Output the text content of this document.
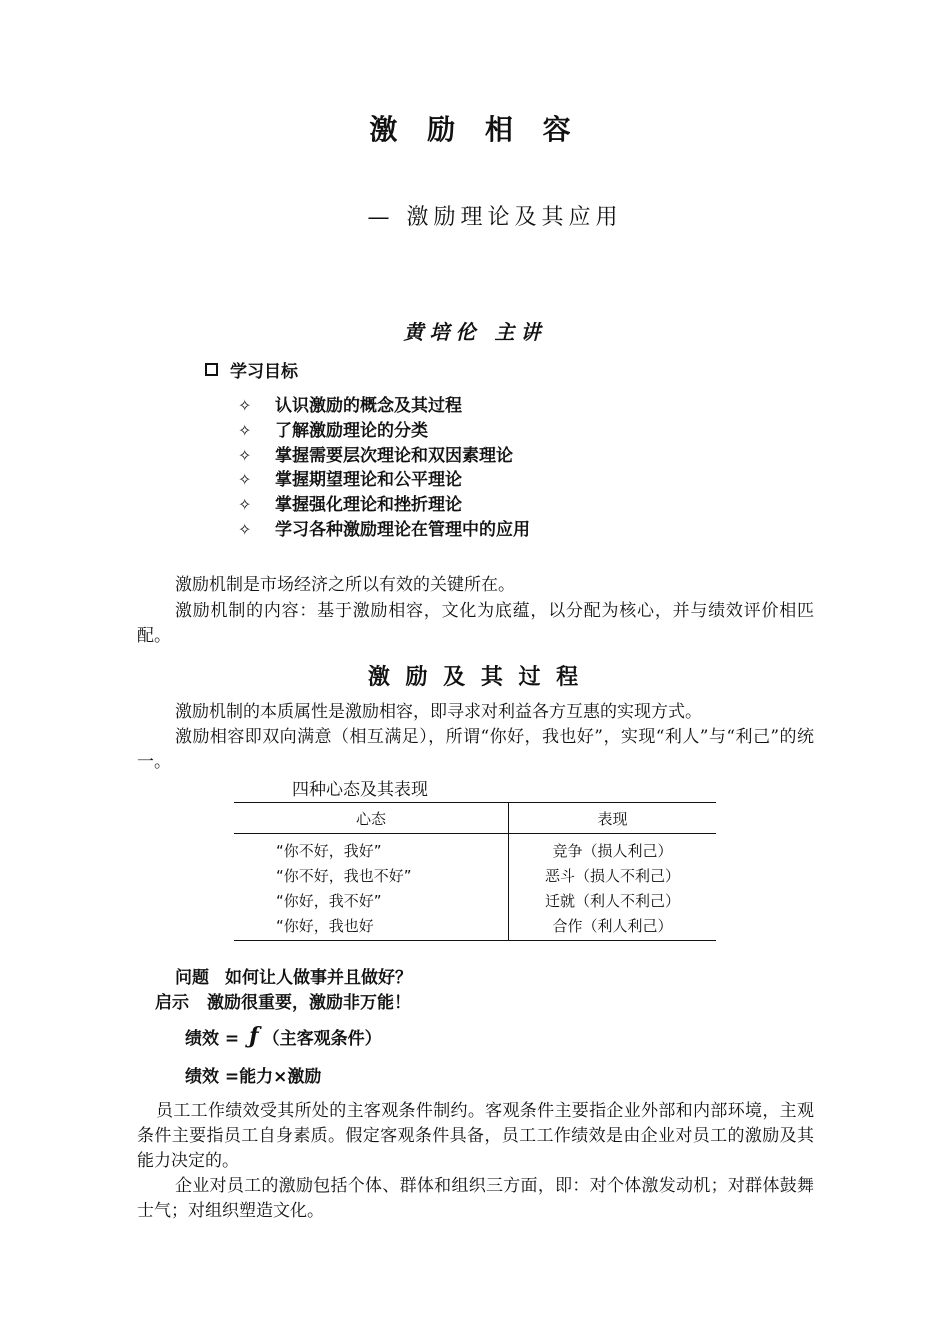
激 励 相 容
— 激励理论及其应用
黄培伦 主讲
学习目标
✧	认识激励的概念及其过程
✧	了解激励理论的分类
✧	掌握需要层次理论和双因素理论
✧	掌握期望理论和公平理论
✧	掌握强化理论和挫折理论
✧	学习各种激励理论在管理中的应用
激励机制是市场经济之所以有效的关键所在。
激励机制的内容：基于激励相容，文化为底蕴，以分配为核心，并与绩效评价相匹配。
激 励 及 其 过 程
激励机制的本质属性是激励相容，即寻求对利益各方互惠的实现方式。
激励相容即双向满意（相互满足），所谓“你好，我也好”，实现“利人”与“利己”的统一。
四种心态及其表现
心态	表现
“你不好，我好”	竞争（损人利己）
“你不好，我也不好”	恶斗（损人不利己）
“你好，我不好”	迁就（利人不利己）
“你好，我也好	合作（利人利己）
问题 如何让人做事并且做好？
启示 激励很重要，激励非万能！
绩效 = ƒ （主客观条件）
绩效 =能力×激励
员工工作绩效受其所处的主客观条件制约。客观条件主要指企业外部和内部环境，主观条件主要指员工自身素质。假定客观条件具备，员工工作绩效是由企业对员工的激励及其能力决定的。
企业对员工的激励包括个体、群体和组织三方面，即：对个体激发动机；对群体鼓舞士气；对组织塑造文化。
